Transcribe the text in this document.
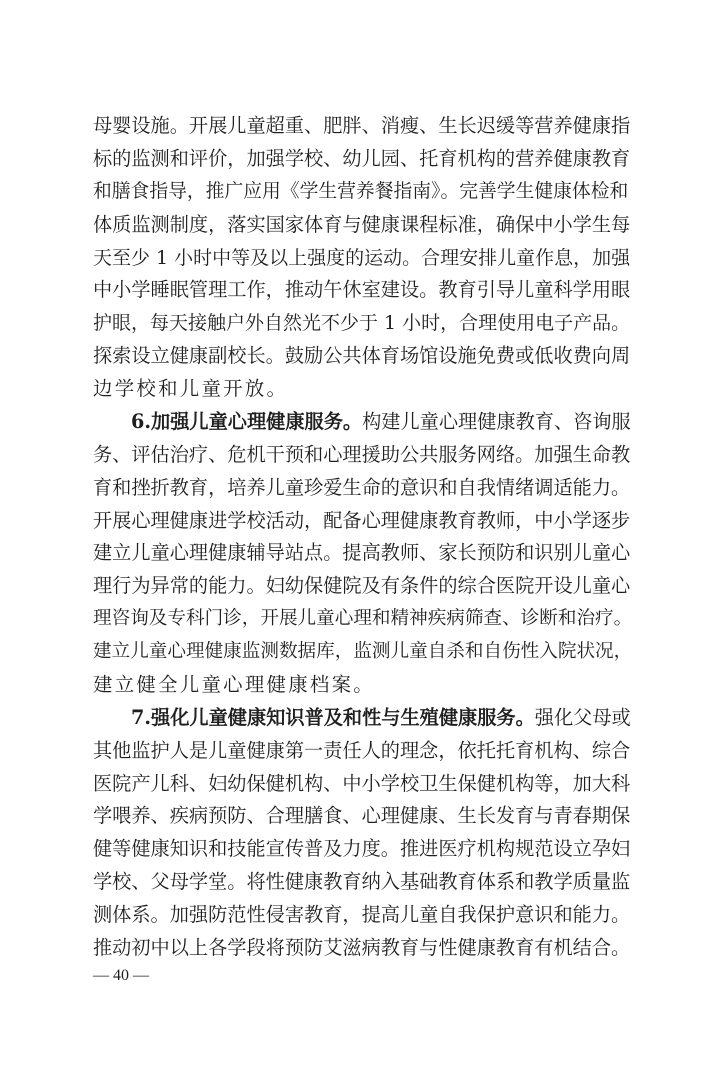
母婴设施。开展儿童超重、肥胖、消瘦、生长迟缓等营养健康指
标的监测和评价，加强学校、幼儿园、托育机构的营养健康教育
和膳食指导，推广应用《学生营养餐指南》。完善学生健康体检和
体质监测制度，落实国家体育与健康课程标准，确保中小学生每
天至少 1 小时中等及以上强度的运动。合理安排儿童作息，加强
中小学睡眠管理工作，推动午休室建设。教育引导儿童科学用眼
护眼，每天接触户外自然光不少于 1 小时，合理使用电子产品。
探索设立健康副校长。鼓励公共体育场馆设施免费或低收费向周
边学校和儿童开放。
6.加强儿童心理健康服务。构建儿童心理健康教育、咨询服
务、评估治疗、危机干预和心理援助公共服务网络。加强生命教
育和挫折教育，培养儿童珍爱生命的意识和自我情绪调适能力。
开展心理健康进学校活动，配备心理健康教育教师，中小学逐步
建立儿童心理健康辅导站点。提高教师、家长预防和识别儿童心
理行为异常的能力。妇幼保健院及有条件的综合医院开设儿童心
理咨询及专科门诊，开展儿童心理和精神疾病筛查、诊断和治疗。
建立儿童心理健康监测数据库，监测儿童自杀和自伤性入院状况，
建立健全儿童心理健康档案。
7.强化儿童健康知识普及和性与生殖健康服务。强化父母或
其他监护人是儿童健康第一责任人的理念，依托托育机构、综合
医院产儿科、妇幼保健机构、中小学校卫生保健机构等，加大科
学喂养、疾病预防、合理膳食、心理健康、生长发育与青春期保
健等健康知识和技能宣传普及力度。推进医疗机构规范设立孕妇
学校、父母学堂。将性健康教育纳入基础教育体系和教学质量监
测体系。加强防范性侵害教育，提高儿童自我保护意识和能力。
推动初中以上各学段将预防艾滋病教育与性健康教育有机结合。
— 40 —
